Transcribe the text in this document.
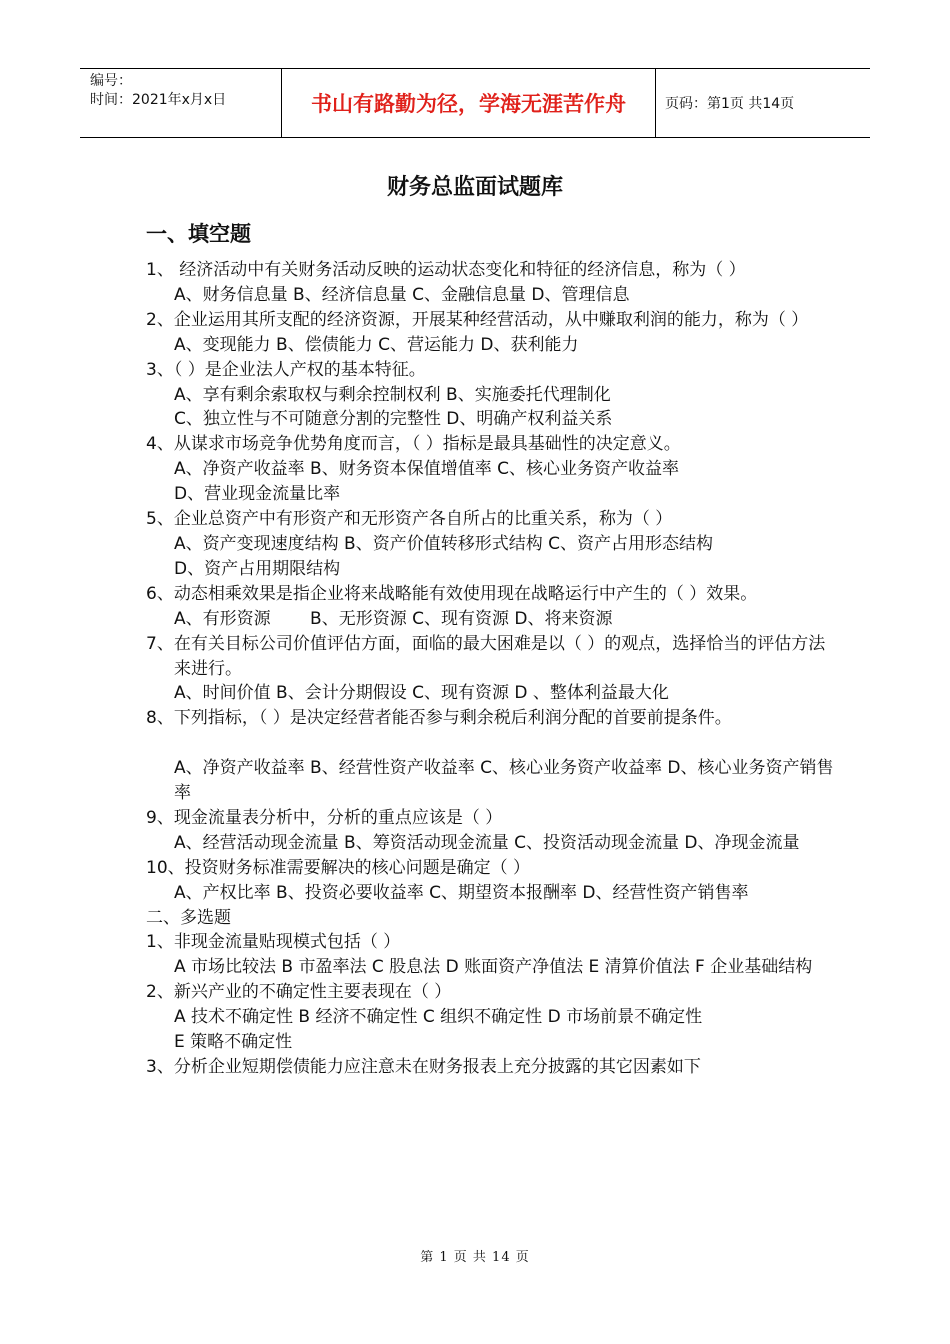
编号：
时间：2021年x月x日	书山有路勤为径，学海无涯苦作舟	页码：第1页 共14页
财务总监面试题库
一、填空题

1、 经济活动中有关财务活动反映的运动状态变化和特征的经济信息，称为（ ）

A、财务信息量 B、经济信息量 C、金融信息量 D、管理信息

2、企业运用其所支配的经济资源，开展某种经营活动，从中赚取利润的能力，称为（ ）

A、变现能力 B、偿债能力 C、营运能力 D、获利能力

3、（ ）是企业法人产权的基本特征。

A、享有剩余索取权与剩余控制权利 B、实施委托代理制化

C、独立性与不可随意分割的完整性 D、明确产权利益关系

4、从谋求市场竞争优势角度而言，（ ）指标是最具基础性的决定意义。

A、净资产收益率 B、财务资本保值增值率 C、核心业务资产收益率

D、营业现金流量比率

5、企业总资产中有形资产和无形资产各自所占的比重关系，称为（ ）

A、资产变现速度结构 B、资产价值转移形式结构 C、资产占用形态结构

D、资产占用期限结构

6、动态相乘效果是指企业将来战略能有效使用现在战略运行中产生的（ ）效果。

A、有形资源 　　B、无形资源 C、现有资源 D、将来资源

7、在有关目标公司价值评估方面，面临的最大困难是以（ ）的观点，选择恰当的评估方法来进行。

A、时间价值 B、会计分期假设 C、现有资源 D 、整体利益最大化

8、下列指标，（ ）是决定经营者能否参与剩余税后利润分配的首要前提条件。

A、净资产收益率 B、经营性资产收益率 C、核心业务资产收益率 D、核心业务资产销售率

9、现金流量表分析中，分析的重点应该是（ ）

A、经营活动现金流量 B、筹资活动现金流量 C、投资活动现金流量 D、净现金流量

10、投资财务标准需要解决的核心问题是确定（ ）

A、产权比率 B、投资必要收益率 C、期望资本报酬率 D、经营性资产销售率

二、多选题

1、非现金流量贴现模式包括（ ）

A 市场比较法 B 市盈率法 C 股息法 D 账面资产净值法 E 清算价值法 F 企业基础结构

2、新兴产业的不确定性主要表现在（ ）

A 技术不确定性 B 经济不确定性 C 组织不确定性 D 市场前景不确定性

E 策略不确定性

3、分析企业短期偿债能力应注意未在财务报表上充分披露的其它因素如下

第 1 页 共 14 页
